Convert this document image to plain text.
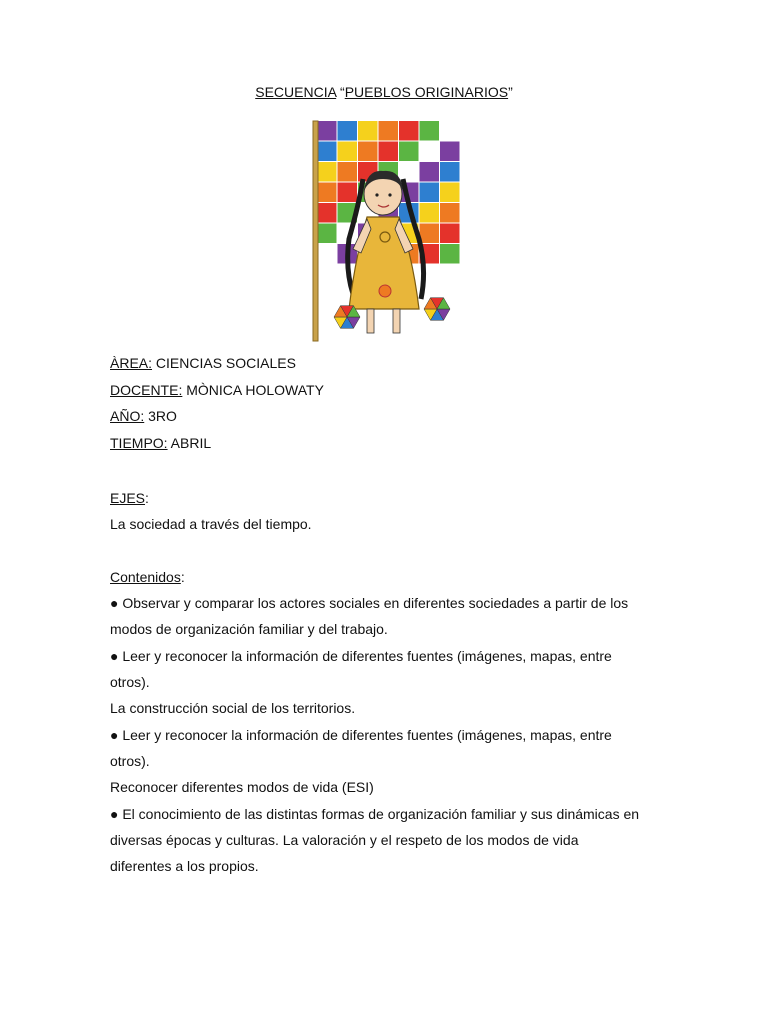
SECUENCIA “PUEBLOS ORIGINARIOS”
ÀREA: CIENCIAS SOCIALES
DOCENTE: MÒNICA HOLOWATY
AÑO: 3RO
TIEMPO: ABRIL

EJES:

La sociedad a través del tiempo.

Contenidos:

● Observar y comparar los actores sociales en diferentes sociedades a partir de los

modos de organización familiar y del trabajo.

● Leer y reconocer la información de diferentes fuentes (imágenes, mapas, entre

otros).

La construcción social de los territorios.

● Leer y reconocer la información de diferentes fuentes (imágenes, mapas, entre

otros).

Reconocer diferentes modos de vida (ESI)

● El conocimiento de las distintas formas de organización familiar y sus dinámicas en

diversas épocas y culturas. La valoración y el respeto de los modos de vida

diferentes a los propios.
